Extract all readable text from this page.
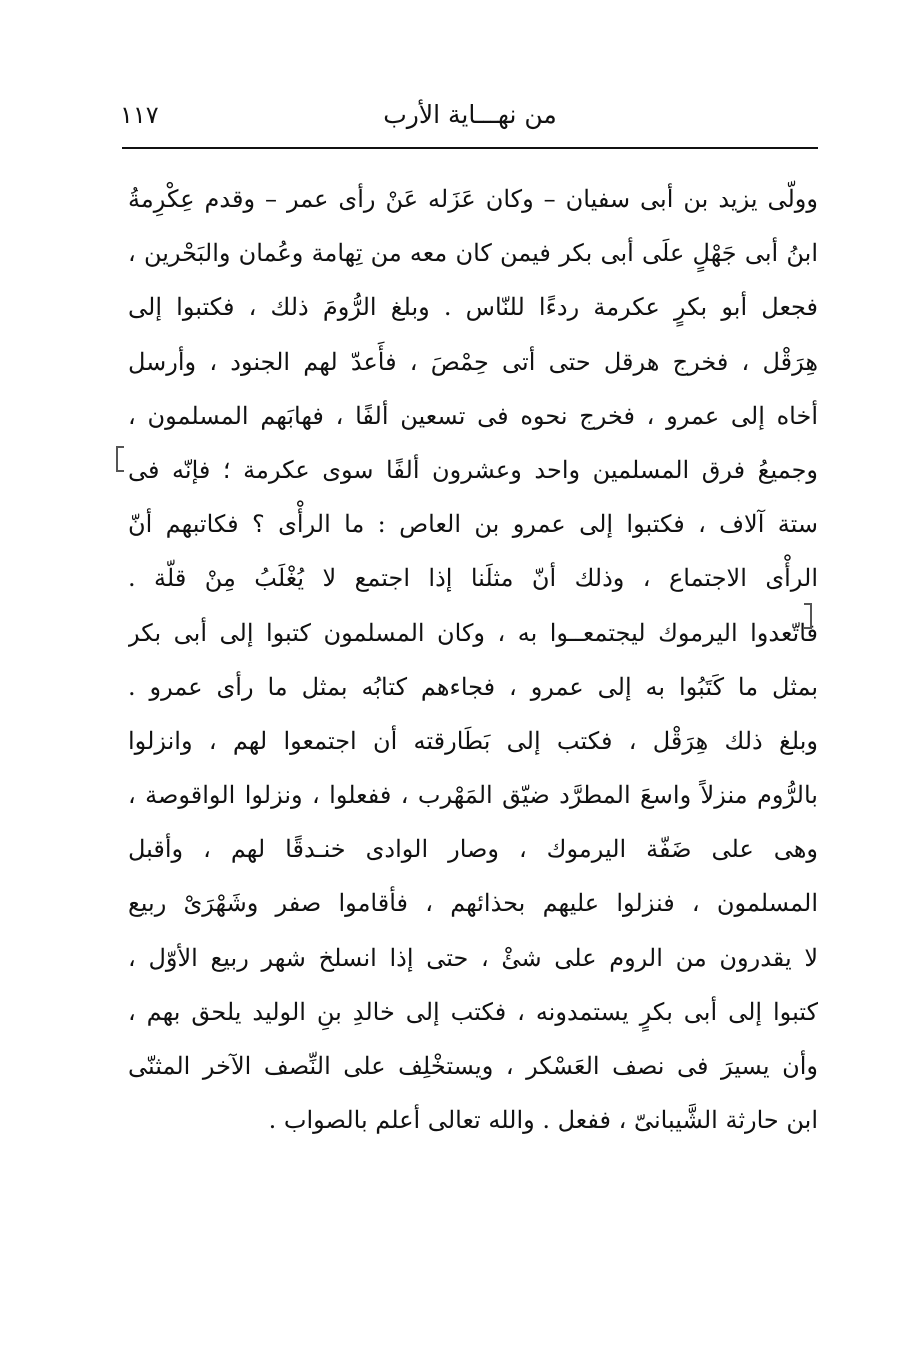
من نهـــاية الأرب
١١٧
وولّى يزيد بن أبى سفيان – وكان عَزَله عَنْ رأى عمر – وقدم عِكْرِمةُ
ابنُ أبى جَهْلٍ علَى أبى بكر فيمن كان معه من تِهامة وعُمان والبَحْرين ،
فجعل أبو بكرٍ عكرمة ردءًا للنّاس . وبلغ الرُّومَ ذلك ، فكتبوا إلى
هِرَقْل ، فخرج هرقل حتى أتى حِمْصَ ، فأَعدّ لهم الجنود ، وأرسل
أخاه إلى عمرو ، فخرج نحوه فى تسعين ألفًا ، فهابَهم المسلمون ،
وجميعُ فرق المسلمين واحد وعشرون ألفًا سوى عكرمة ؛ فإنّه فى
ستة آلاف ، فكتبوا إلى عمرو بن العاص : ما الرأْى ؟ فكاتبهم أنّ
الرأْى الاجتماع ، وذلك أنّ مثلَنا إذا اجتمع لا يُغْلَبُ مِنْ قلّة .
فاتّعدوا اليرموك ليجتمعــوا به ، وكان المسلمون كتبوا إلى أبى بكر
بمثل ما كَتَبُوا به إلى عمرو ، فجاءهم كتابُه بمثل ما رأى عمرو .
وبلغ ذلك هِرَقْل ، فكتب إلى بَطَارقته أن اجتمعوا لهم ، وانزلوا
بالرُّوم منزلاً واسعَ المطرَّد ضيّق المَهْرب ، ففعلوا ، ونزلوا الواقوصة ،
وهى على ضَفّة اليرموك ، وصار الوادى خنـدقًا لهم ، وأقبل
المسلمون ، فنزلوا عليهم بحذائهم ، فأقاموا صفر وشَهْرَىْ ربيع
لا يقدرون من الروم على شئْ ، حتى إذا انسلخ شهر ربيع الأوّل ،
كتبوا إلى أبى بكرٍ يستمدونه ، فكتب إلى خالدِ بنِ الوليد يلحق بهم ،
وأن يسيرَ فى نصف العَسْكر ، ويستخْلِف على النِّصف الآخر المثنّى
ابن حارثة الشَّيبانىّ ، ففعل . والله تعالى أعلم بالصواب .
